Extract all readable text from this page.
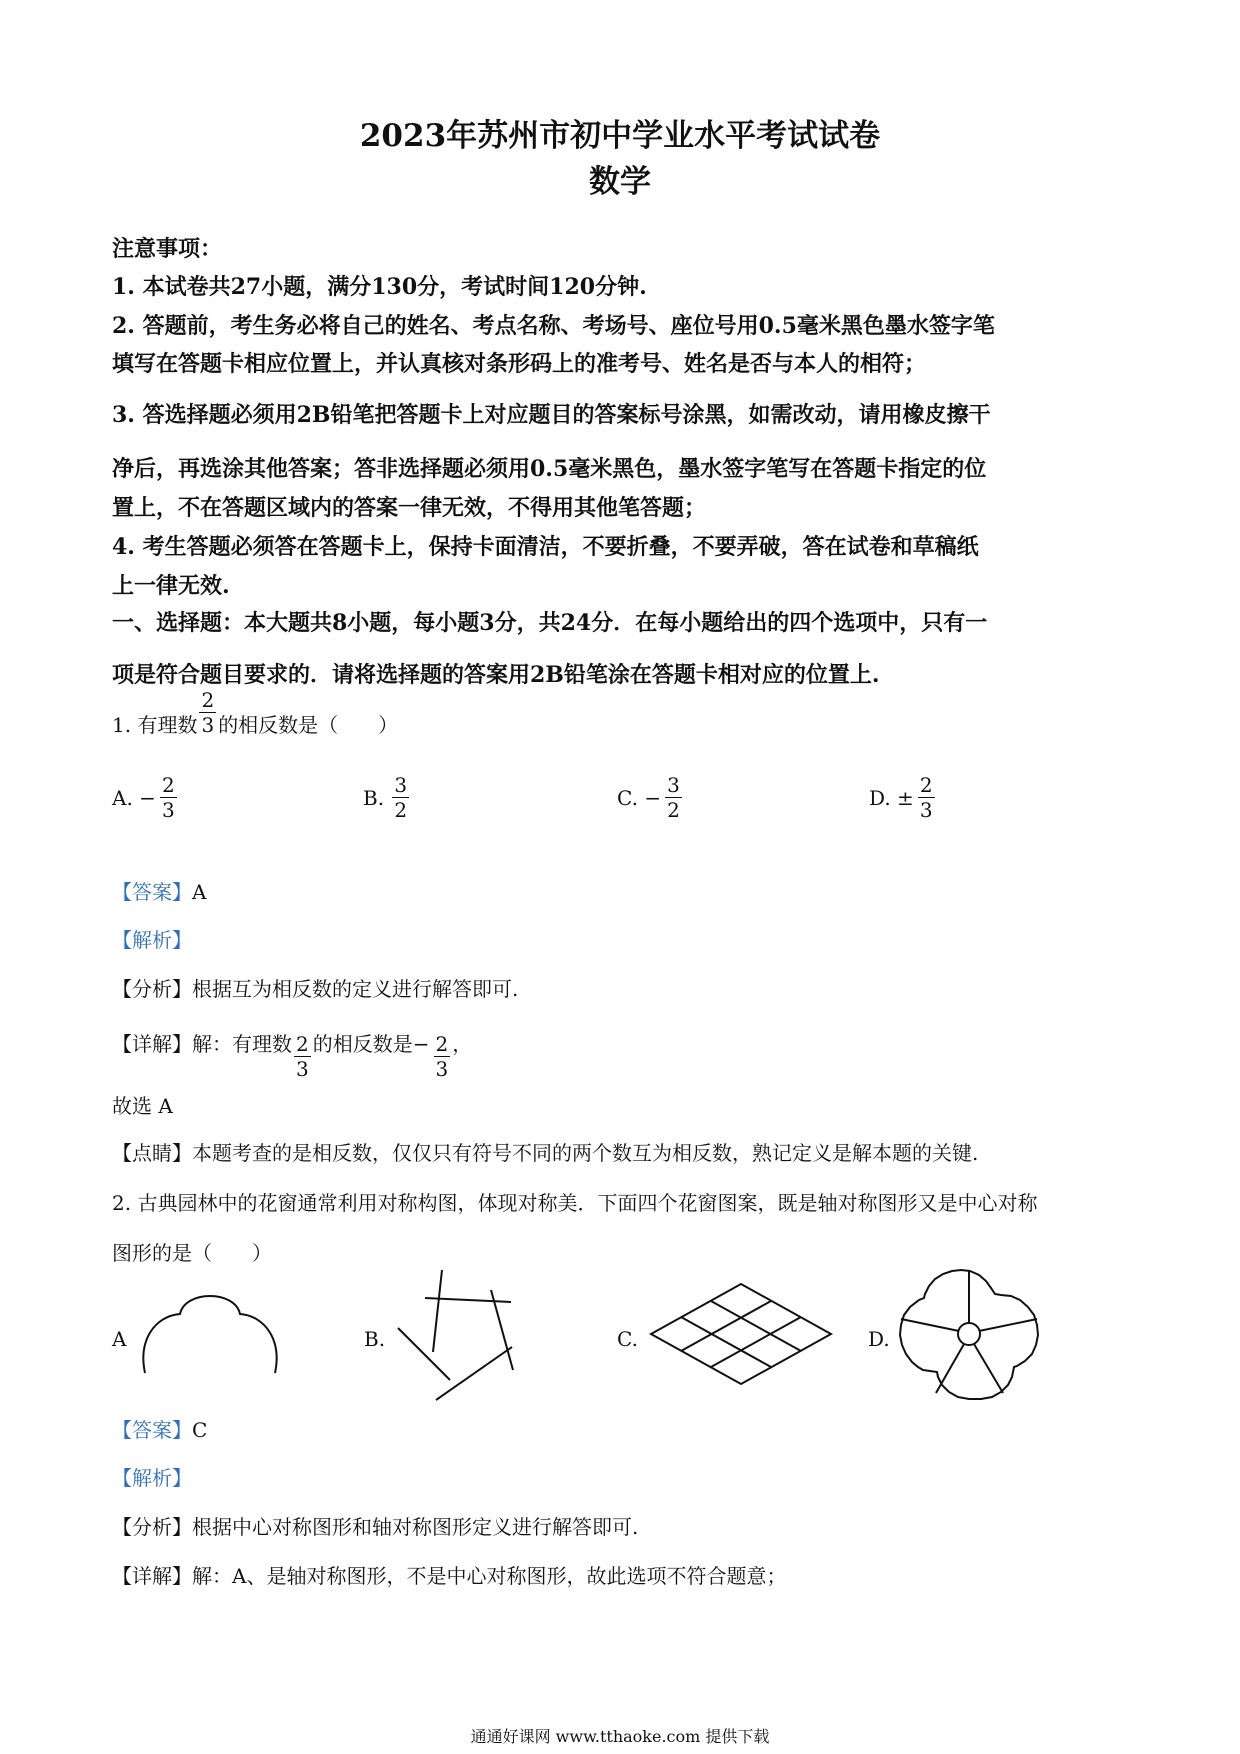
2023年苏州市初中学业水平考试试卷
数学
注意事项：
1. 本试卷共27小题，满分130分，考试时间120分钟.
2. 答题前，考生务必将自己的姓名、考点名称、考场号、座位号用0.5毫米黑色墨水签字笔
填写在答题卡相应位置上，并认真核对条形码上的准考号、姓名是否与本人的相符；
3. 答选择题必须用2B铅笔把答题卡上对应题目的答案标号涂黑，如需改动，请用橡皮擦干
净后，再选涂其他答案；答非选择题必须用0.5毫米黑色，墨水签字笔写在答题卡指定的位
置上，不在答题区域内的答案一律无效，不得用其他笔答题；
4. 考生答题必须答在答题卡上，保持卡面清洁，不要折叠，不要弄破，答在试卷和草稿纸
上一律无效.
一、选择题：本大题共8小题，每小题3分，共24分．在每小题给出的四个选项中，只有一
项是符合题目要求的．请将选择题的答案用2B铅笔涂在答题卡相对应的位置上.
1. 有理数 $\frac{2}{3}$ 的相反数是（　　）
A. − $\frac{2}{3}$	B. $\frac{3}{2}$	C. − $\frac{3}{2}$	D. ± $\frac{2}{3}$
【答案】A
【解析】
【分析】根据互为相反数的定义进行解答即可.
【详解】解：有理数 $\frac{2}{3}$ 的相反数是− $\frac{2}{3}$ ，
故选 A
【点睛】本题考查的是相反数，仅仅只有符号不同的两个数互为相反数，熟记定义是解本题的关键.
2. 古典园林中的花窗通常利用对称构图，体现对称美．下面四个花窗图案，既是轴对称图形又是中心对称
图形的是（　　）
A	B.	C.	D.
【答案】C
【解析】
【分析】根据中心对称图形和轴对称图形定义进行解答即可.
【详解】解：A、是轴对称图形，不是中心对称图形，故此选项不符合题意；
通通好课网 www.tthaoke.com 提供下载
